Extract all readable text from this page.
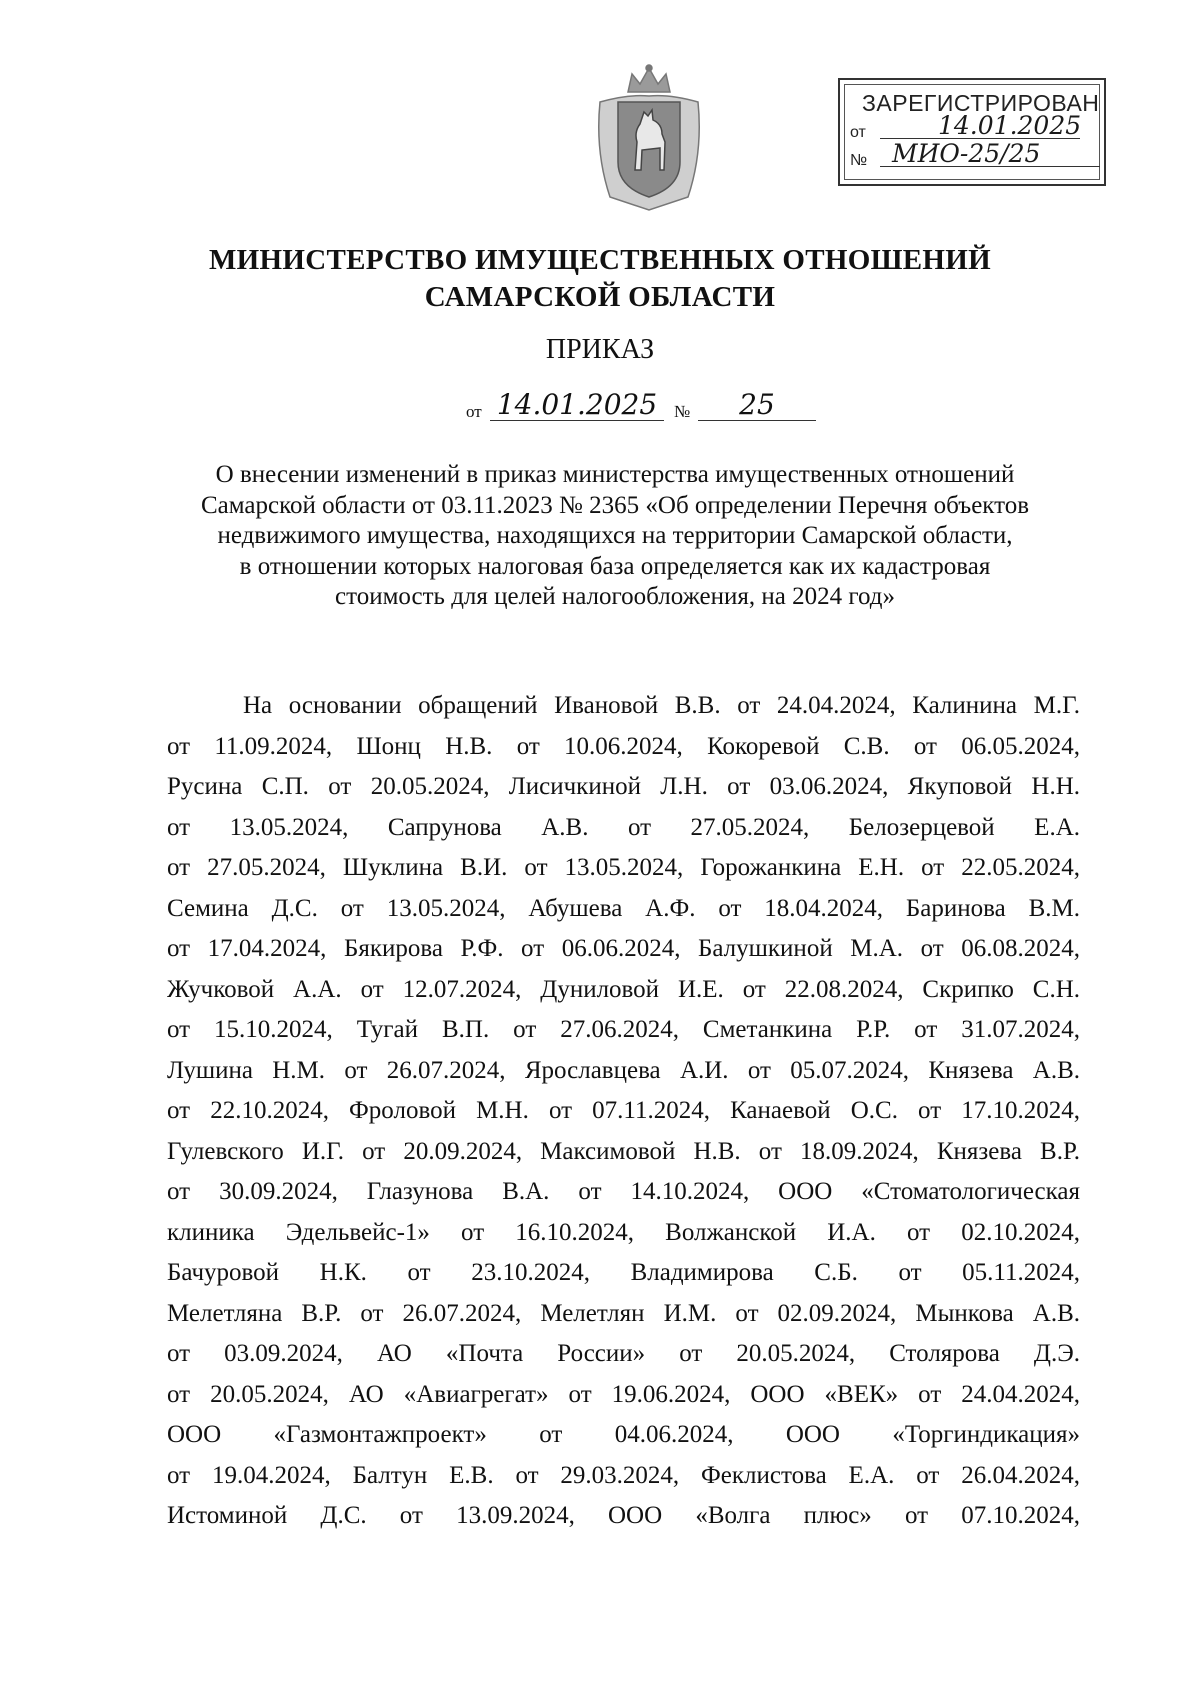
ЗАРЕГИСТРИРОВАН
от	14.01.2025
№ МИО-25/25
МИНИСТЕРСТВО ИМУЩЕСТВЕННЫХ ОТНОШЕНИЙ
САМАРСКОЙ ОБЛАСТИ
ПРИКАЗ
от 14.01.2025 №	25
О внесении изменений в приказ министерства имущественных отношений
Самарской области от 03.11.2023 № 2365 «Об определении Перечня объектов
недвижимого имущества, находящихся на территории Самарской области,
в отношении которых налоговая база определяется как их кадастровая
стоимость для целей налогообложения, на 2024 год»
На основании обращений Ивановой В.В. от 24.04.2024, Калинина М.Г.
от 11.09.2024, Шонц Н.В. от 10.06.2024, Кокоревой С.В. от 06.05.2024,
Русина С.П. от 20.05.2024, Лисичкиной Л.Н. от 03.06.2024, Якуповой Н.Н.
от 13.05.2024, Сапрунова А.В. от 27.05.2024, Белозерцевой Е.А.
от 27.05.2024, Шуклина В.И. от 13.05.2024, Горожанкина Е.Н. от 22.05.2024,
Семина Д.С. от 13.05.2024, Абушева А.Ф. от 18.04.2024, Баринова В.М.
от 17.04.2024, Бякирова Р.Ф. от 06.06.2024, Балушкиной М.А. от 06.08.2024,
Жучковой А.А. от 12.07.2024, Дуниловой И.Е. от 22.08.2024, Скрипко С.Н.
от 15.10.2024, Тугай В.П. от 27.06.2024, Сметанкина Р.Р. от 31.07.2024,
Лушина Н.М. от 26.07.2024, Ярославцева А.И. от 05.07.2024, Князева А.В.
от 22.10.2024, Фроловой М.Н. от 07.11.2024, Канаевой О.С. от 17.10.2024,
Гулевского И.Г. от 20.09.2024, Максимовой Н.В. от 18.09.2024, Князева В.Р.
от 30.09.2024, Глазунова В.А. от 14.10.2024, ООО «Стоматологическая
клиника Эдельвейс-1» от 16.10.2024, Волжанской И.А. от 02.10.2024,
Бачуровой Н.К. от 23.10.2024, Владимирова С.Б. от 05.11.2024,
Мелетляна В.Р. от 26.07.2024, Мелетлян И.М. от 02.09.2024, Мынкова А.В.
от 03.09.2024, АО «Почта России» от 20.05.2024, Столярова Д.Э.
от 20.05.2024, АО «Авиагрегат» от 19.06.2024, ООО «ВЕК» от 24.04.2024,
ООО «Газмонтажпроект» от 04.06.2024, ООО «Торгиндикация»
от 19.04.2024, Балтун Е.В. от 29.03.2024, Феклистова Е.А. от 26.04.2024,
Истоминой Д.С. от 13.09.2024, ООО «Волга плюс» от 07.10.2024,
